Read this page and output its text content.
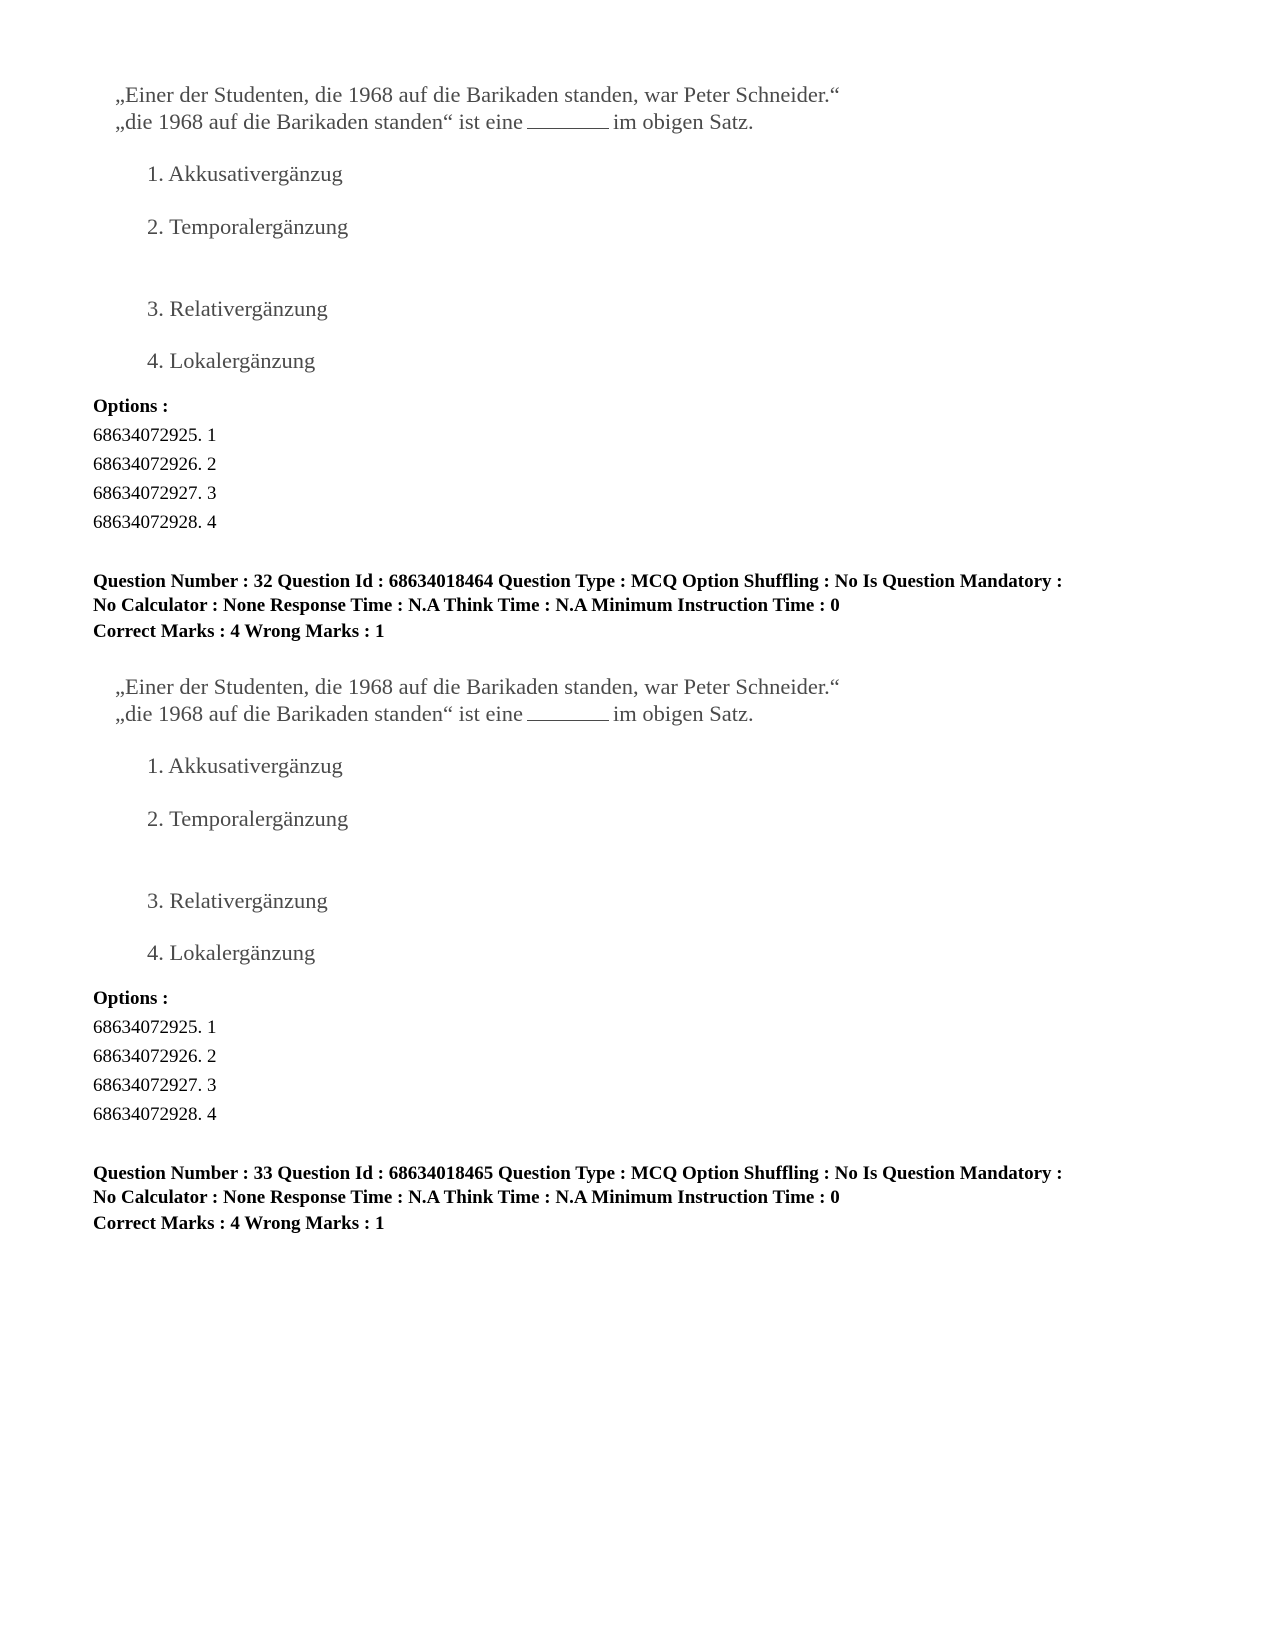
„Einer der Studenten, die 1968 auf die Barikaden standen, war Peter Schneider.“
„die 1968 auf die Barikaden standen“ ist eine	im obigen Satz.
1. Akkusativergänzug
2. Temporalergänzung
3. Relativergänzung
4. Lokalergänzung
Options :
68634072925. 1
68634072926. 2
68634072927. 3
68634072928. 4
Question Number : 32 Question Id : 68634018464 Question Type : MCQ Option Shuffling : No Is Question Mandatory :
No Calculator : None Response Time : N.A Think Time : N.A Minimum Instruction Time : 0
Correct Marks : 4 Wrong Marks : 1
„Einer der Studenten, die 1968 auf die Barikaden standen, war Peter Schneider.“
„die 1968 auf die Barikaden standen“ ist eine	im obigen Satz.
1. Akkusativergänzug
2. Temporalergänzung
3. Relativergänzung
4. Lokalergänzung
Options :
68634072925. 1
68634072926. 2
68634072927. 3
68634072928. 4
Question Number : 33 Question Id : 68634018465 Question Type : MCQ Option Shuffling : No Is Question Mandatory :
No Calculator : None Response Time : N.A Think Time : N.A Minimum Instruction Time : 0
Correct Marks : 4 Wrong Marks : 1
